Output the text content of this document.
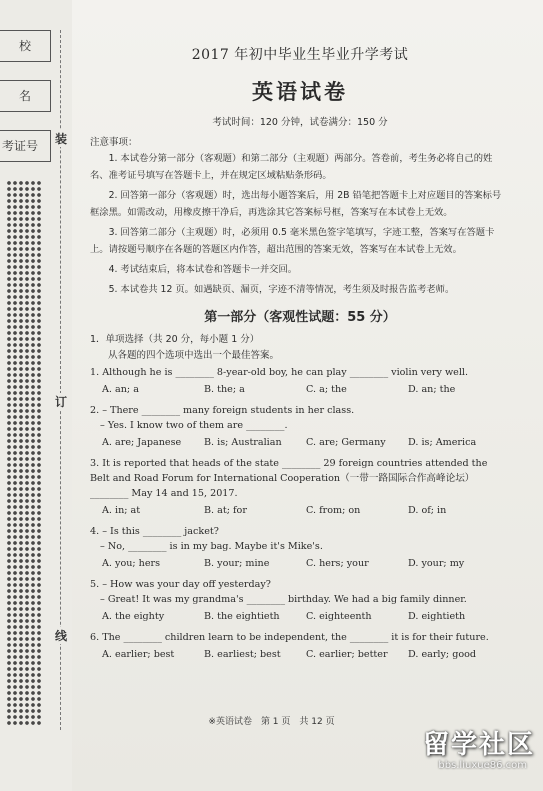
校
名
考证号	装
订
线
2017 年初中毕业生毕业升学考试
英语试卷
考试时间：120 分钟，试卷满分：150 分
注意事项：

1. 本试卷分第一部分（客观题）和第二部分（主观题）两部分。答卷前，考生务必将自己的姓名、准考证号填写在答题卡上，并在规定区域粘贴条形码。

2. 回答第一部分（客观题）时，选出每小题答案后，用 2B 铅笔把答题卡上对应题目的答案标号框涂黑。如需改动，用橡皮擦干净后，再选涂其它答案标号框，答案写在本试卷上无效。

3. 回答第二部分（主观题）时，必须用 0.5 毫米黑色签字笔填写，字迹工整，答案写在答题卡上。请按题号顺序在各题的答题区内作答，超出范围的答案无效，答案写在本试卷上无效。

4. 考试结束后，将本试卷和答题卡一并交回。

5. 本试卷共 12 页。如遇缺页、漏页，字迹不清等情况，考生须及时报告监考老师。

第一部分（客观性试题：55 分）
1．单项选择（共 20 分，每小题 1 分）
从各题的四个选项中选出一个最佳答案。

1. Although he is ________ 8-year-old boy, he can play ________ violin very well.

A. an; a	B. the; a	C. a; the	D. an; the

2. – There ________ many foreign students in her class.

– Yes. I know two of them are ________.

A. are; Japanese	B. is; Australian	C. are; Germany	D. is; America

3. It is reported that heads of the state ________ 29 foreign countries attended the Belt and Road Forum for International Cooperation（一带一路国际合作高峰论坛）________ May 14 and 15, 2017.

A. in; at	B. at; for	C. from; on	D. of; in

4. – Is this ________ jacket?

– No, ________ is in my bag. Maybe it's Mike's.

A. you; hers	B. your; mine	C. hers; your	D. your; my

5. – How was your day off yesterday?

– Great! It was my grandma's ________ birthday. We had a big family dinner.

A. the eighty	B. the eightieth	C. eighteenth	D. eightieth

6. The ________ children learn to be independent, the ________ it is for their future.

A. earlier; best	B. earliest; best	C. earlier; better	D. early; good
※英语试卷　第 1 页　共 12 页
留学社区
bbs.liuxue86.com
